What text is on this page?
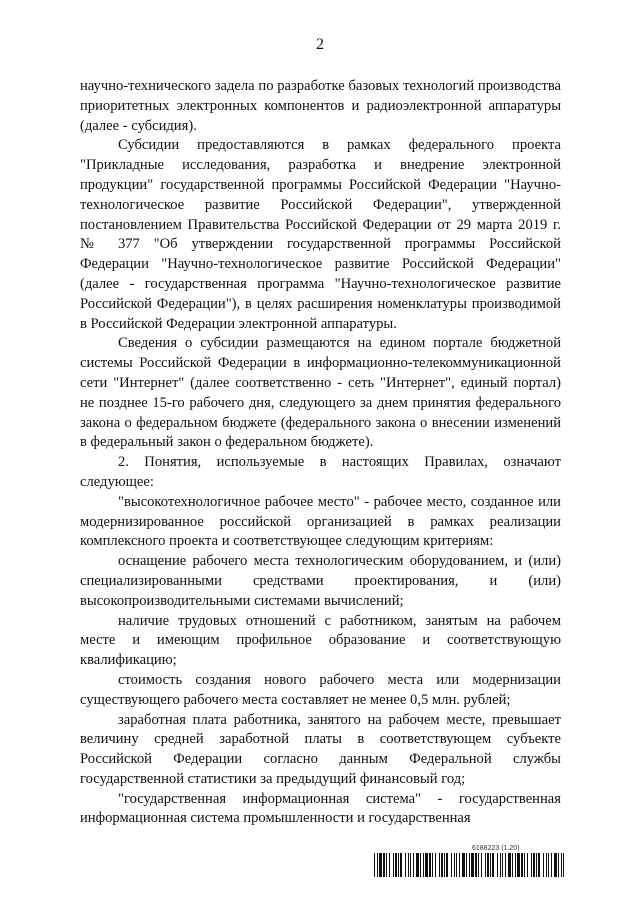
2

научно-технического задела по разработке базовых технологий производства приоритетных электронных компонентов и радиоэлектронной аппаратуры (далее - субсидия).

Субсидии предоставляются в рамках федерального проекта "Прикладные исследования, разработка и внедрение электронной продукции" государственной программы Российской Федерации "Научно-технологическое развитие Российской Федерации", утвержденной постановлением Правительства Российской Федерации от 29 марта 2019 г. № 377 "Об утверждении государственной программы Российской Федерации "Научно-технологическое развитие Российской Федерации" (далее - государственная программа "Научно-технологическое развитие Российской Федерации"), в целях расширения номенклатуры производимой в Российской Федерации электронной аппаратуры.

Сведения о субсидии размещаются на едином портале бюджетной системы Российской Федерации в информационно-телекоммуникационной сети "Интернет" (далее соответственно - сеть "Интернет", единый портал) не позднее 15-го рабочего дня, следующего за днем принятия федерального закона о федеральном бюджете (федерального закона о внесении изменений в федеральный закон о федеральном бюджете).

2. Понятия, используемые в настоящих Правилах, означают следующее:

"высокотехнологичное рабочее место" - рабочее место, созданное или модернизированное российской организацией в рамках реализации комплексного проекта и соответствующее следующим критериям:

оснащение рабочего места технологическим оборудованием, и (или) специализированными средствами проектирования, и (или) высокопроизводительными системами вычислений;

наличие трудовых отношений с работником, занятым на рабочем месте и имеющим профильное образование и соответствующую квалификацию;

стоимость создания нового рабочего места или модернизации существующего рабочего места составляет не менее 0,5 млн. рублей;

заработная плата работника, занятого на рабочем месте, превышает величину средней заработной платы в соответствующем субъекте Российской Федерации согласно данным Федеральной службы государственной статистики за предыдущий финансовый год;

"государственная информационная система" - государственная информационная система промышленности и государственная

6188223 (1.20)
